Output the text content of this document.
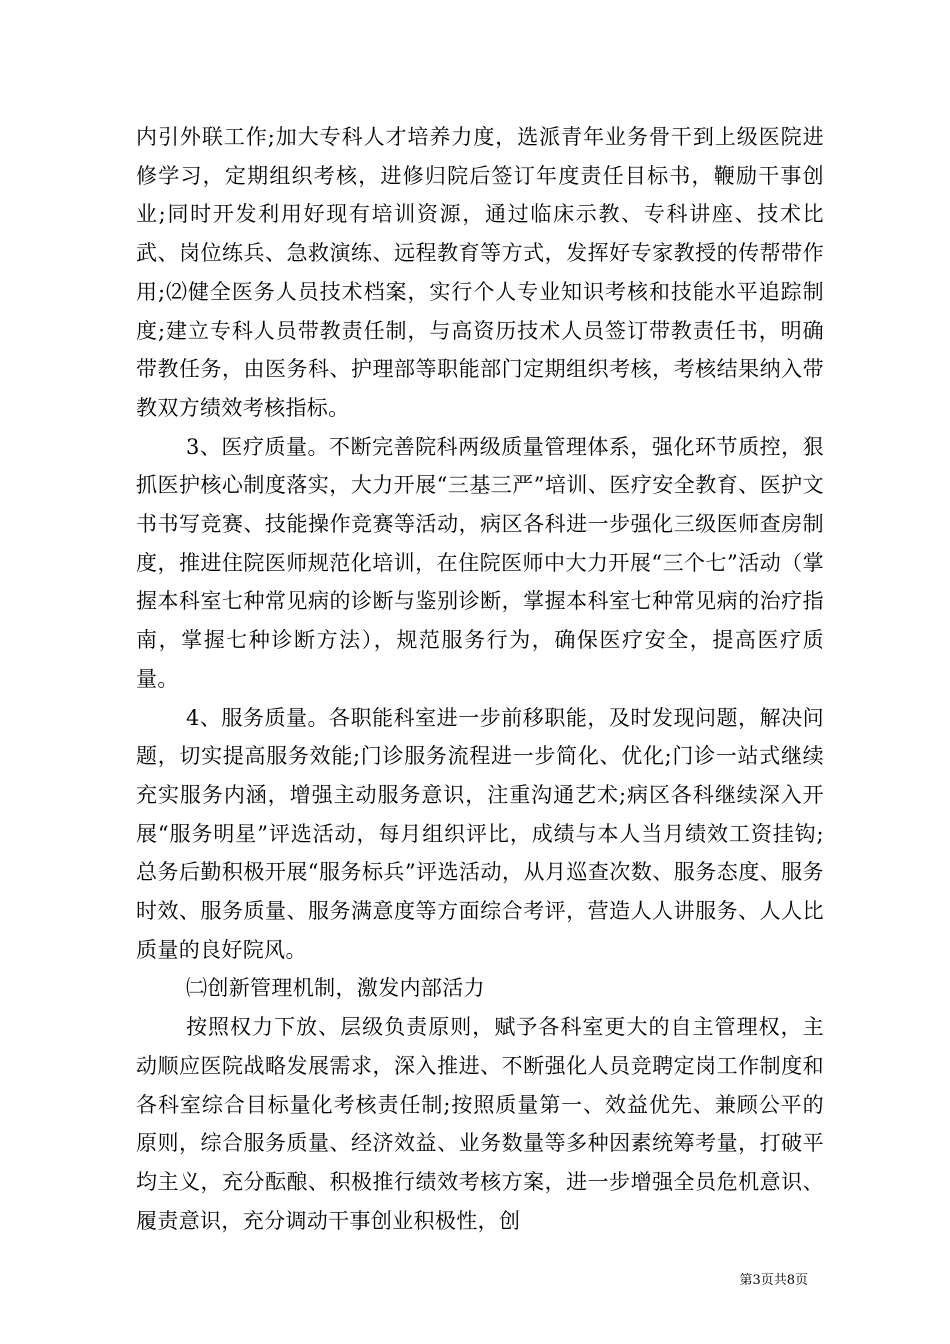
内引外联工作;加大专科人才培养力度，选派青年业务骨干到上级医院进修学习，定期组织考核，进修归院后签订年度责任目标书，鞭励干事创业;同时开发利用好现有培训资源，通过临床示教、专科讲座、技术比武、岗位练兵、急救演练、远程教育等方式，发挥好专家教授的传帮带作用;⑵健全医务人员技术档案，实行个人专业知识考核和技能水平追踪制度;建立专科人员带教责任制，与高资历技术人员签订带教责任书，明确带教任务，由医务科、护理部等职能部门定期组织考核，考核结果纳入带教双方绩效考核指标。

3、医疗质量。不断完善院科两级质量管理体系，强化环节质控，狠抓医护核心制度落实，大力开展“三基三严”培训、医疗安全教育、医护文书书写竞赛、技能操作竞赛等活动，病区各科进一步强化三级医师查房制度，推进住院医师规范化培训，在住院医师中大力开展“三个七”活动（掌握本科室七种常见病的诊断与鉴别诊断，掌握本科室七种常见病的治疗指南，掌握七种诊断方法），规范服务行为，确保医疗安全，提高医疗质量。

4、服务质量。各职能科室进一步前移职能，及时发现问题，解决问题，切实提高服务效能;门诊服务流程进一步简化、优化;门诊一站式继续充实服务内涵，增强主动服务意识，注重沟通艺术;病区各科继续深入开展“服务明星”评选活动，每月组织评比，成绩与本人当月绩效工资挂钩;总务后勤积极开展“服务标兵”评选活动，从月巡查次数、服务态度、服务时效、服务质量、服务满意度等方面综合考评，营造人人讲服务、人人比质量的良好院风。

㈡创新管理机制，激发内部活力

按照权力下放、层级负责原则，赋予各科室更大的自主管理权，主动顺应医院战略发展需求，深入推进、不断强化人员竞聘定岗工作制度和各科室综合目标量化考核责任制;按照质量第一、效益优先、兼顾公平的原则，综合服务质量、经济效益、业务数量等多种因素统筹考量，打破平均主义，充分酝酿、积极推行绩效考核方案，进一步增强全员危机意识、履责意识，充分调动干事创业积极性，创

第3页共8页
